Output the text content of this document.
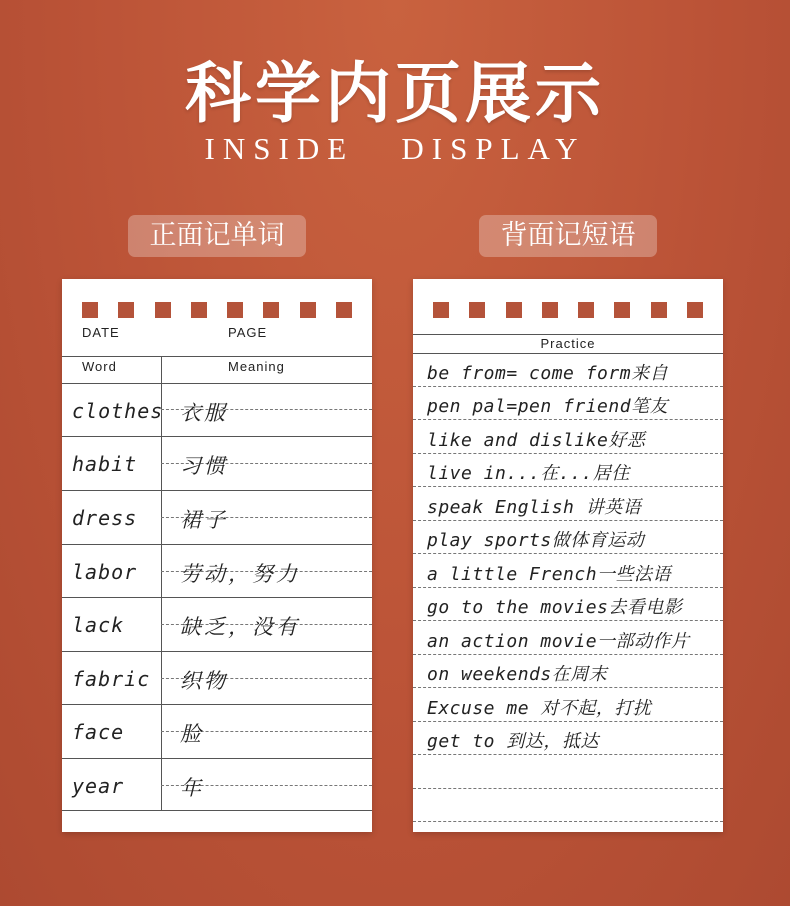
科学内页展示
INSIDE   DISPLAY
正面记单词	背面记短语
DATE	PAGE
Word	Meaning
clothes 衣服
habit 习惯
dress 裙子
labor 劳动，努力
lack	缺乏，没有
fabric 织物
face	脸
year	年
Practice
be from= come form来自
pen pal=pen friend笔友
like and dislike好恶
live in...在...居住
speak English 讲英语
play sports做体育运动
a little French一些法语
go to the movies去看电影
an action movie一部动作片
on weekends在周末
Excuse me 对不起，打扰
get to 到达，抵达
